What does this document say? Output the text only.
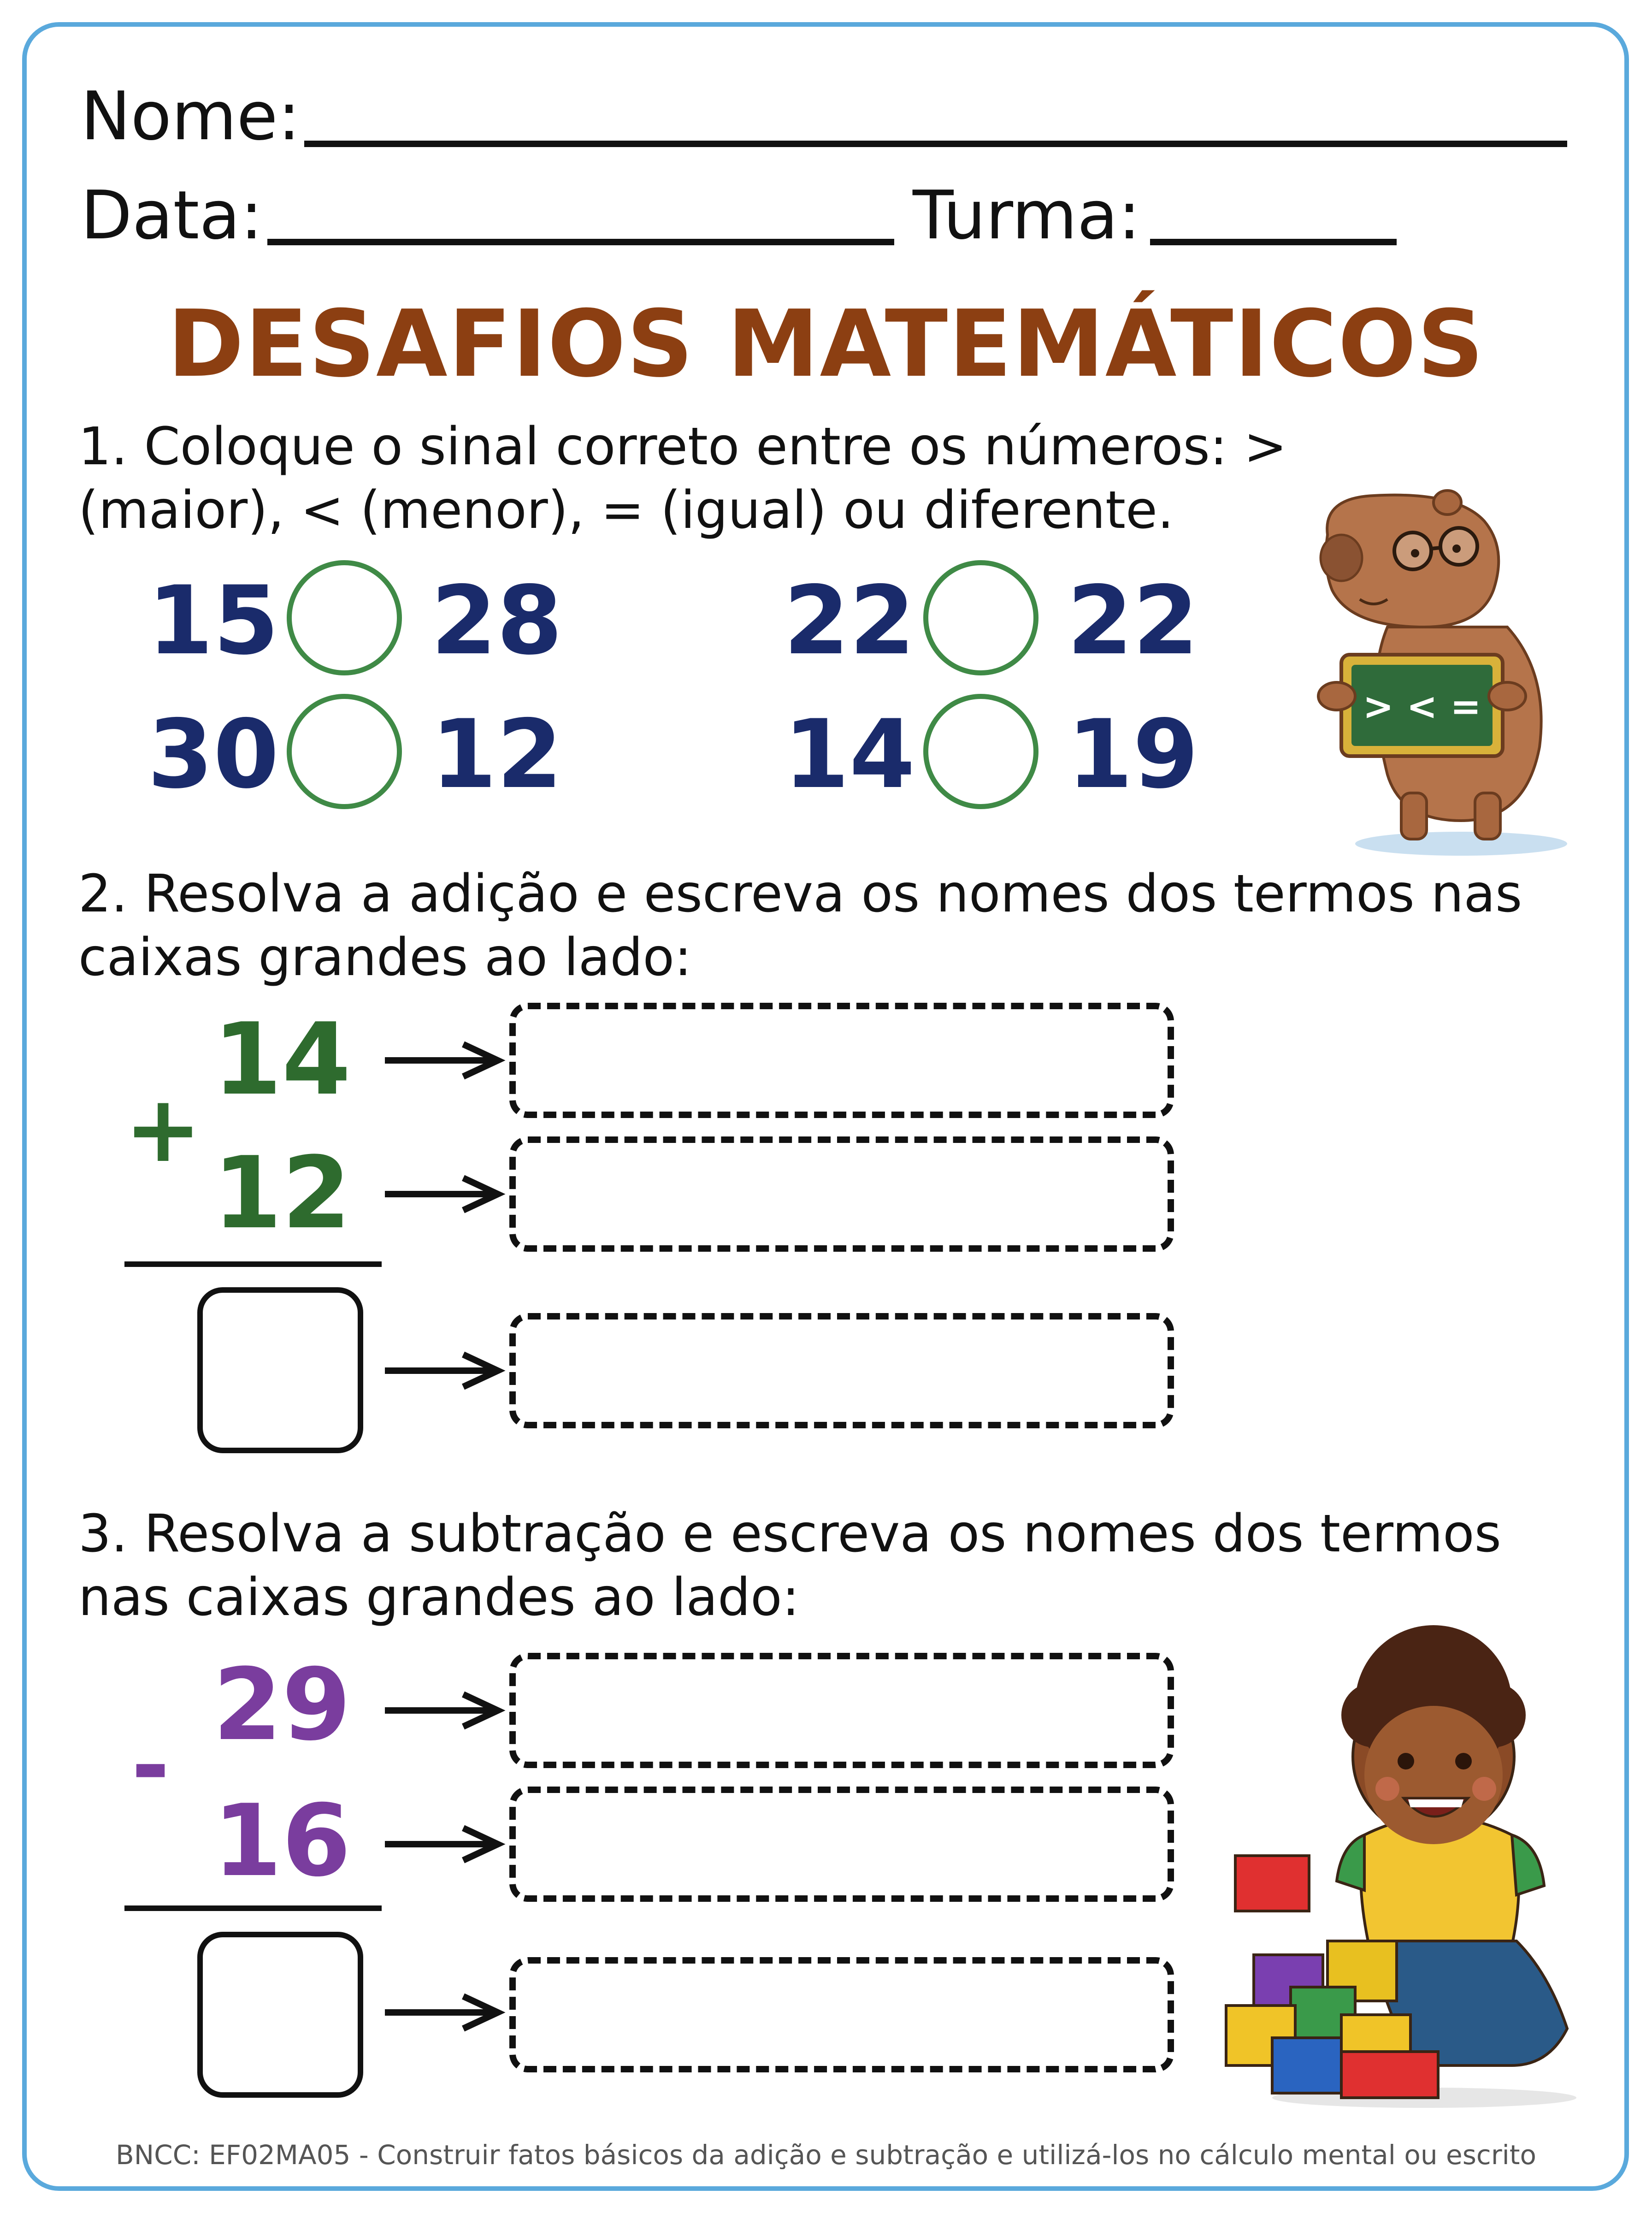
Nome:
Data:	Turma:
DESAFIOS MATEMÁTICOS
1. Coloque o sinal correto entre os números: > (maior), < (menor), = (igual) ou diferente.
15 28 22 22
30 12 14 19	> < =
2. Resolva a adição e escreva os nomes dos termos nas caixas grandes ao lado:
+
14
12
3. Resolva a subtração e escreva os nomes dos termos nas caixas grandes ao lado:
-
29
16
BNCC: EF02MA05 - Construir fatos básicos da adição e subtração e utilizá-los no cálculo mental ou escrito
